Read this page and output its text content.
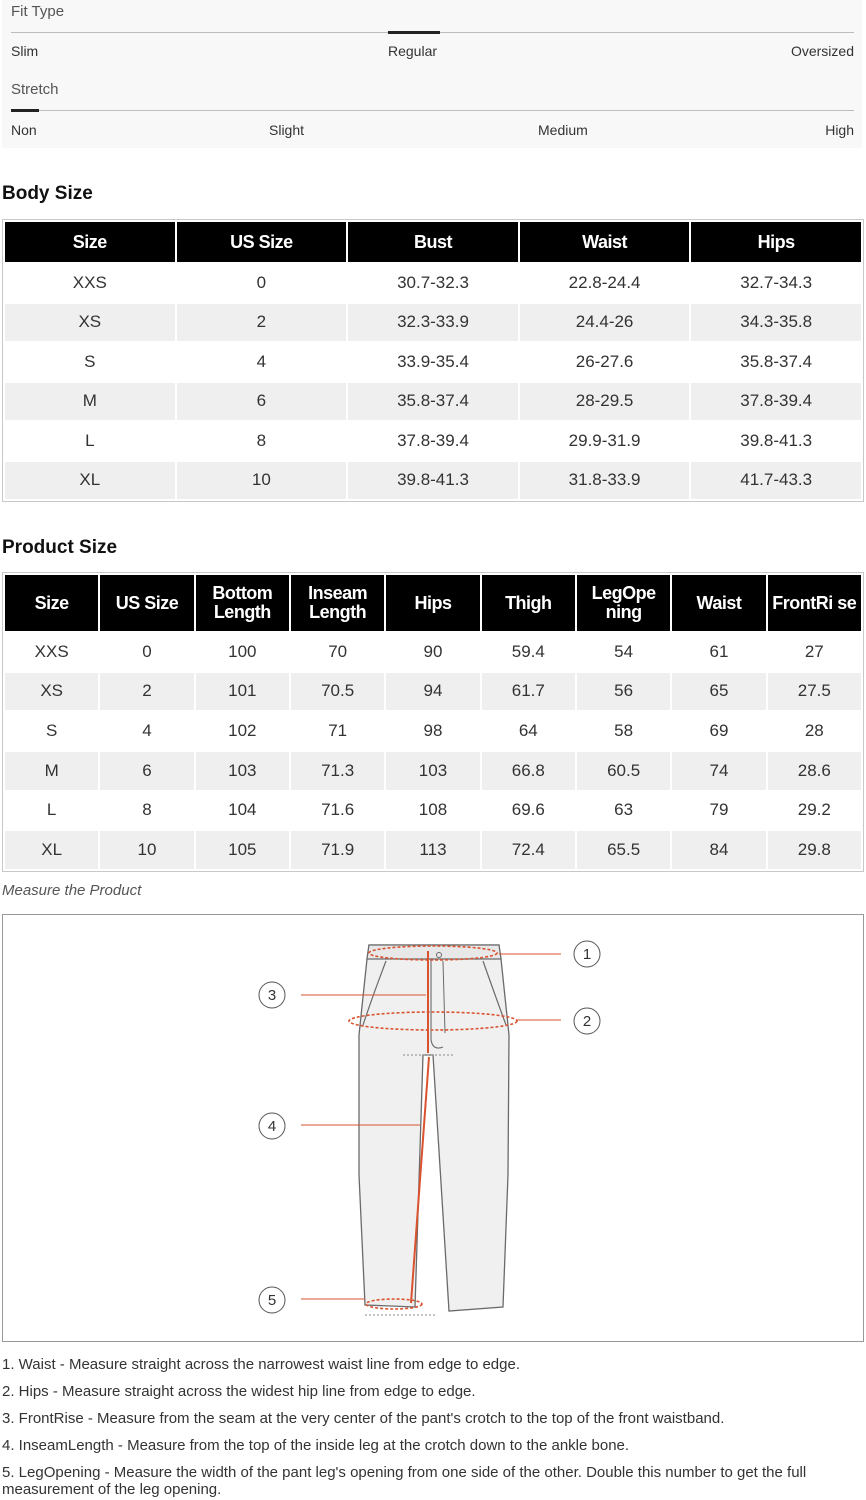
Fit Type
Slim	Regular	Oversized
Stretch
Non	Slight	Medium	High
Body Size
Size	US Size	Bust	Waist	Hips
XXS	0	30.7-32.3	22.8-24.4	32.7-34.3
XS	2	32.3-33.9	24.4-26	34.3-35.8
S	4	33.9-35.4	26-27.6	35.8-37.4
M	6	35.8-37.4	28-29.5	37.8-39.4
L	8	37.8-39.4	29.9-31.9	39.8-41.3
XL	10	39.8-41.3	31.8-33.9	41.7-43.3
Product Size
Size	US Size	Bottom Length	Inseam Length	Hips	Thigh	LegOpe ning	Waist	FrontRi se
XXS	0	100	70	90	59.4	54	61	27
XS	2	101	70.5	94	61.7	56	65	27.5
S	4	102	71	98	64	58	69	28
M	6	103	71.3	103	66.8	60.5	74	28.6
L	8	104	71.6	108	69.6	63	79	29.2
XL	10	105	71.9	113	72.4	65.5	84	29.8
Measure the Product
1
2
3
4
5

1. Waist - Measure straight across the narrowest waist line from edge to edge.

2. Hips - Measure straight across the widest hip line from edge to edge.

3. FrontRise - Measure from the seam at the very center of the pant's crotch to the top of the front waistband.

4. InseamLength - Measure from the top of the inside leg at the crotch down to the ankle bone.

5. LegOpening - Measure the width of the pant leg's opening from one side of the other. Double this number to get the full measurement of the leg opening.
